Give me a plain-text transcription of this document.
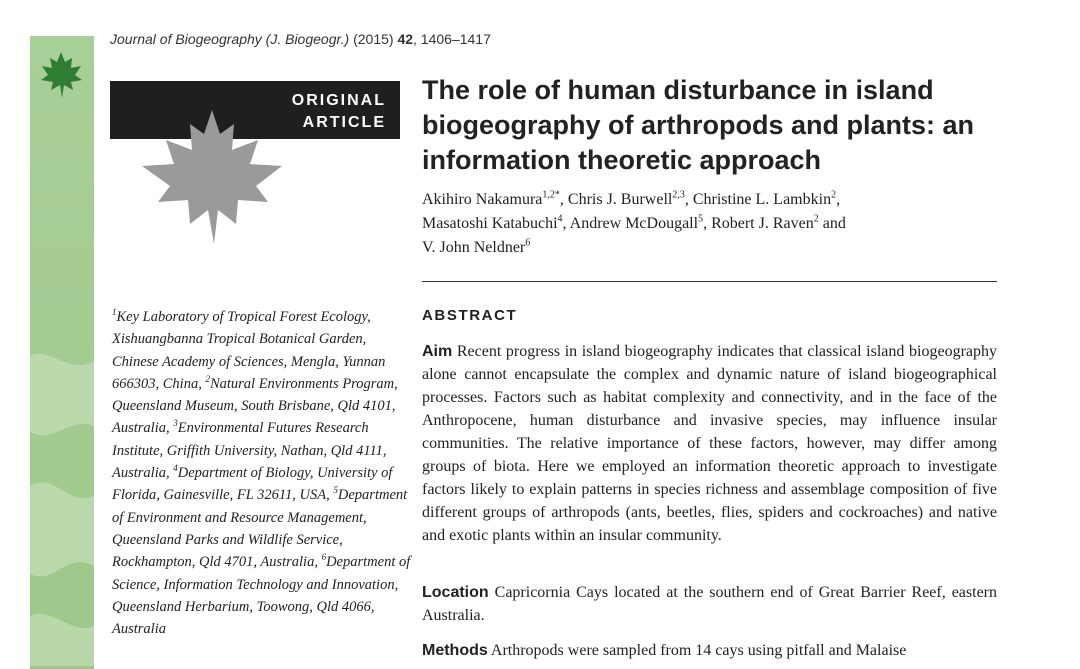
Journal of Biogeography (J. Biogeogr.) (2015) 42, 1406–1417
ORIGINAL
ARTICLE
The role of human disturbance in island biogeography of arthropods and plants: an information theoretic approach
Akihiro Nakamura$^{1,2*}$, Chris J. Burwell$^{2,3}$, Christine L. Lambkin$^2$,
Masatoshi Katabuchi$^4$, Andrew McDougall$^5$, Robert J. Raven$^2$ and
V. John Neldner$^6$
$^1$Key Laboratory of Tropical Forest Ecology, Xishuangbanna Tropical Botanical Garden, Chinese Academy of Sciences, Mengla, Yunnan 666303, China, $^2$Natural Environments Program, Queensland Museum, South Brisbane, Qld 4101, Australia, $^3$Environmental Futures Research Institute, Griffith University, Nathan, Qld 4111, Australia, $^4$Department of Biology, University of Florida, Gainesville, FL 32611, USA, $^5$Department of Environment and Resource Management, Queensland Parks and Wildlife Service, Rockhampton, Qld 4701, Australia, $^6$Department of Science, Information Technology and Innovation, Queensland Herbarium, Toowong, Qld 4066, Australia
ABSTRACT
Aim Recent progress in island biogeography indicates that classical island biogeography alone cannot encapsulate the complex and dynamic nature of island biogeographical processes. Factors such as habitat complexity and connectivity, and in the face of the Anthropocene, human disturbance and invasive species, may influence insular communities. The relative importance of these factors, however, may differ among groups of biota. Here we employed an information theoretic approach to investigate factors likely to explain patterns in species richness and assemblage composition of five different groups of arthropods (ants, beetles, flies, spiders and cockroaches) and native and exotic plants within an insular community.
Location Capricornia Cays located at the southern end of Great Barrier Reef, eastern Australia.
Methods Arthropods were sampled from 14 cays using pitfall and Malaise
